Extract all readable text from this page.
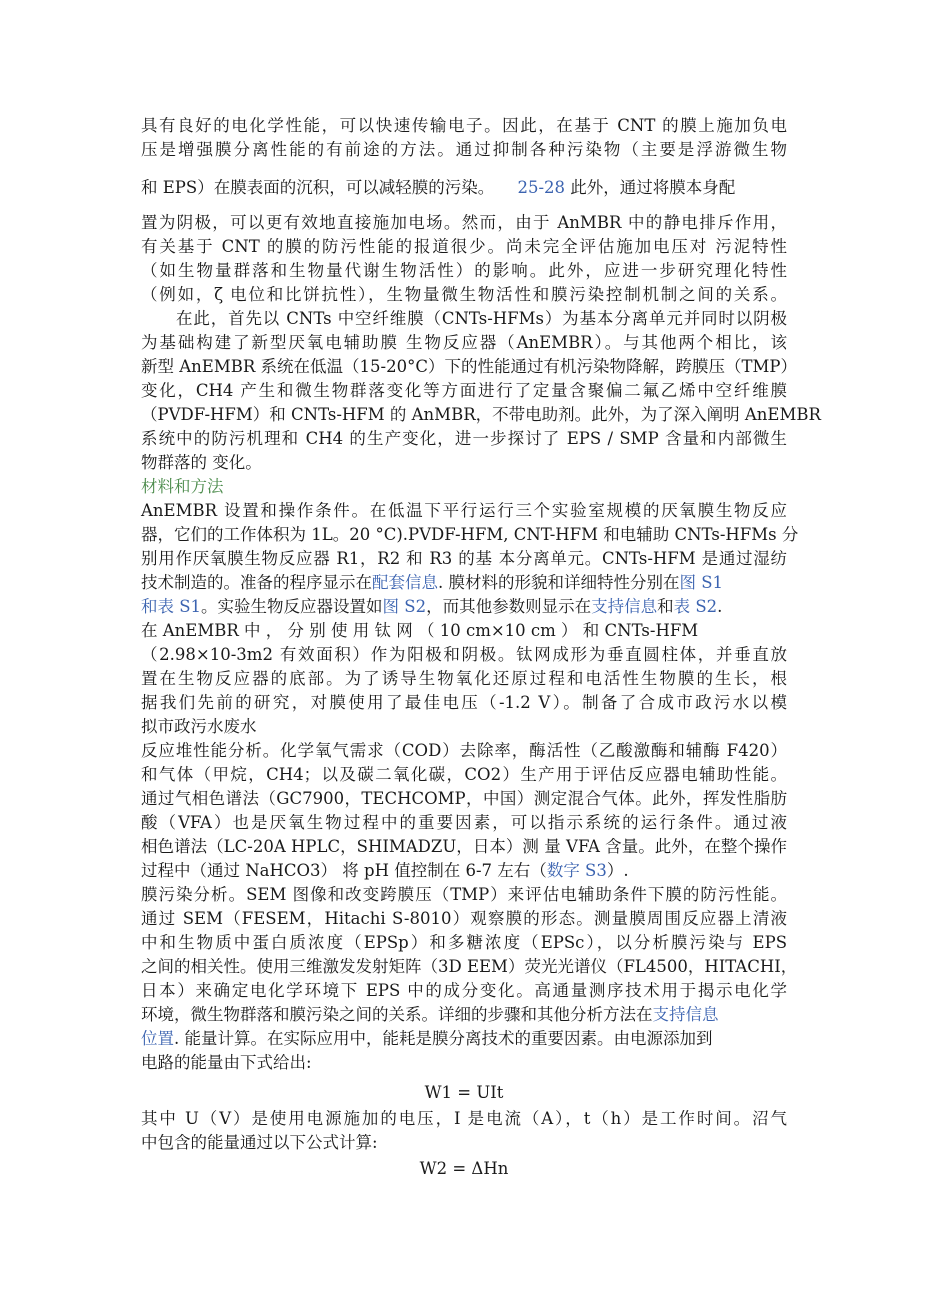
具有良好的电化学性能，可以快速传输电子。因此，在基于 CNT 的膜上施加负电
压是增强膜分离性能的有前途的方法。通过抑制各种污染物（主要是浮游微生物
和 EPS）在膜表面的沉积，可以减轻膜的污染。 25-28 此外，通过将膜本身配
置为阴极，可以更有效地直接施加电场。然而，由于 AnMBR 中的静电排斥作用，
有关基于 CNT 的膜的防污性能的报道很少。尚未完全评估施加电压对 污泥特性
（如生物量群落和生物量代谢生物活性）的影响。此外，应进一步研究理化特性
（例如，ζ 电位和比饼抗性），生物量微生物活性和膜污染控制机制之间的关系。
在此，首先以 CNTs 中空纤维膜（CNTs-HFMs）为基本分离单元并同时以阴极
为基础构建了新型厌氧电辅助膜 生物反应器（AnEMBR）。与其他两个相比，该
新型 AnEMBR 系统在低温（15-20°C）下的性能通过有机污染物降解，跨膜压（TMP）
变化，CH4 产生和微生物群落变化等方面进行了定量含聚偏二氟乙烯中空纤维膜
（PVDF-HFM）和 CNTs-HFM 的 AnMBR，不带电助剂。此外，为了深入阐明 AnEMBR
系统中的防污机理和 CH4 的生产变化，进一步探讨了 EPS / SMP 含量和内部微生
物群落的 变化。
材料和方法
AnEMBR 设置和操作条件。在低温下平行运行三个实验室规模的厌氧膜生物反应
器，它们的工作体积为 1L。20 °C).PVDF-HFM, CNT-HFM 和电辅助 CNTs-HFMs 分
别用作厌氧膜生物反应器 R1，R2 和 R3 的基 本分离单元。CNTs-HFM 是通过湿纺
技术制造的。准备的程序显示在配套信息. 膜材料的形貌和详细特性分别在图 S1
和表 S1。实验生物反应器设置如图 S2，而其他参数则显示在支持信息和表 S2.
在 AnEMBR 中 ， 分 别 使 用 钛 网 （ 10 cm×10 cm ） 和 CNTs-HFM
（2.98×10-3m2 有效面积）作为阳极和阴极。钛网成形为垂直圆柱体，并垂直放
置在生物反应器的底部。为了诱导生物氧化还原过程和电活性生物膜的生长，根
据我们先前的研究，对膜使用了最佳电压（-1.2 V）。制备了合成市政污水以模
拟市政污水废水
反应堆性能分析。化学氧气需求（COD）去除率，酶活性（乙酸激酶和辅酶 F420）
和气体（甲烷，CH4；以及碳二氧化碳，CO2）生产用于评估反应器电辅助性能。
通过气相色谱法（GC7900，TECHCOMP，中国）测定混合气体。此外，挥发性脂肪
酸（VFA）也是厌氧生物过程中的重要因素，可以指示系统的运行条件。通过液
相色谱法（LC-20A HPLC，SHIMADZU，日本）测 量 VFA 含量。此外，在整个操作
过程中（通过 NaHCO3） 将 pH 值控制在 6-7 左右（数字 S3）.
膜污染分析。SEM 图像和改变跨膜压（TMP）来评估电辅助条件下膜的防污性能。
通过 SEM（FESEM，Hitachi S-8010）观察膜的形态。测量膜周围反应器上清液
中和生物质中蛋白质浓度（EPSp）和多糖浓度（EPSc），以分析膜污染与 EPS
之间的相关性。使用三维激发发射矩阵（3D EEM）荧光光谱仪（FL4500，HITACHI，
日本）来确定电化学环境下 EPS 中的成分变化。高通量测序技术用于揭示电化学
环境，微生物群落和膜污染之间的关系。详细的步骤和其他分析方法在支持信息
位置. 能量计算。在实际应用中，能耗是膜分离技术的重要因素。由电源添加到
电路的能量由下式给出:
W1 = UIt
其中 U（V）是使用电源施加的电压，I 是电流（A），t（h）是工作时间。沼气
中包含的能量通过以下公式计算:
W2 = ΔHn
